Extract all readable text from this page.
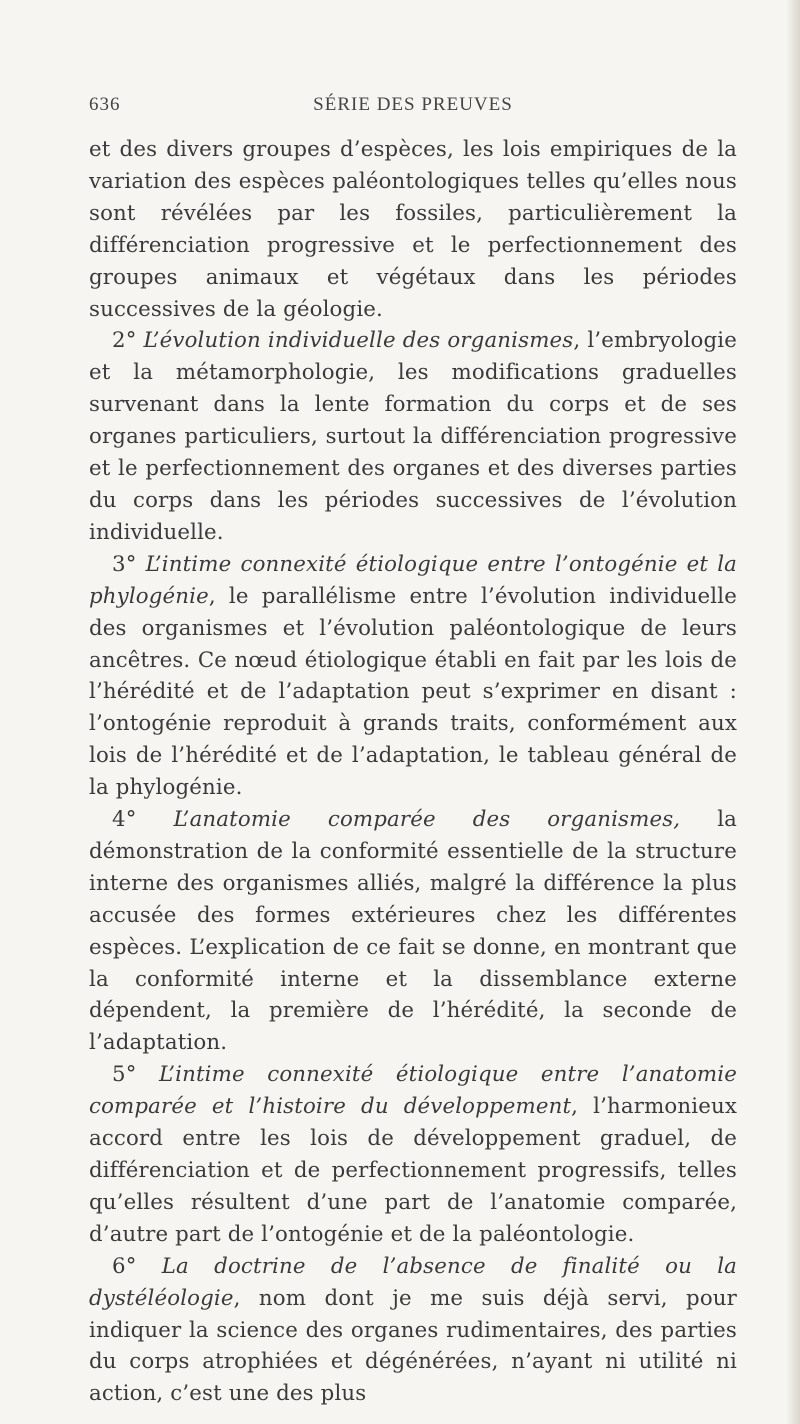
636	SÉRIE DES PREUVES

et des divers groupes d’espèces, les lois empiriques de la variation des espèces paléontologiques telles qu’elles nous sont révélées par les fossiles, particulièrement la différenciation progressive et le perfectionnement des groupes animaux et végétaux dans les périodes successives de la géologie.

2° L’évolution individuelle des organismes, l’embryologie et la métamorphologie, les modifications graduelles survenant dans la lente formation du corps et de ses organes particuliers, surtout la différenciation progressive et le perfectionnement des organes et des diverses parties du corps dans les périodes successives de l’évolution individuelle.

3° L’intime connexité étiologique entre l’ontogénie et la phylogénie, le parallélisme entre l’évolution individuelle des organismes et l’évolution paléontologique de leurs ancêtres. Ce nœud étiologique établi en fait par les lois de l’hérédité et de l’adaptation peut s’exprimer en disant : l’ontogénie reproduit à grands traits, conformément aux lois de l’hérédité et de l’adaptation, le tableau général de la phylogénie.

4° L’anatomie comparée des organismes, la démonstration de la conformité essentielle de la structure interne des organismes alliés, malgré la différence la plus accusée des formes extérieures chez les différentes espèces. L’explication de ce fait se donne, en montrant que la conformité interne et la dissemblance externe dépendent, la première de l’hérédité, la seconde de l’adaptation.

5° L’intime connexité étiologique entre l’anatomie comparée et l’histoire du développement, l’harmonieux accord entre les lois de développement graduel, de différenciation et de perfectionnement progressifs, telles qu’elles résultent d’une part de l’anatomie comparée, d’autre part de l’ontogénie et de la paléontologie.

6° La doctrine de l’absence de finalité ou la dystéléologie, nom dont je me suis déjà servi, pour indiquer la science des organes rudimentaires, des parties du corps atrophiées et dégénérées, n’ayant ni utilité ni action, c’est une des plus
